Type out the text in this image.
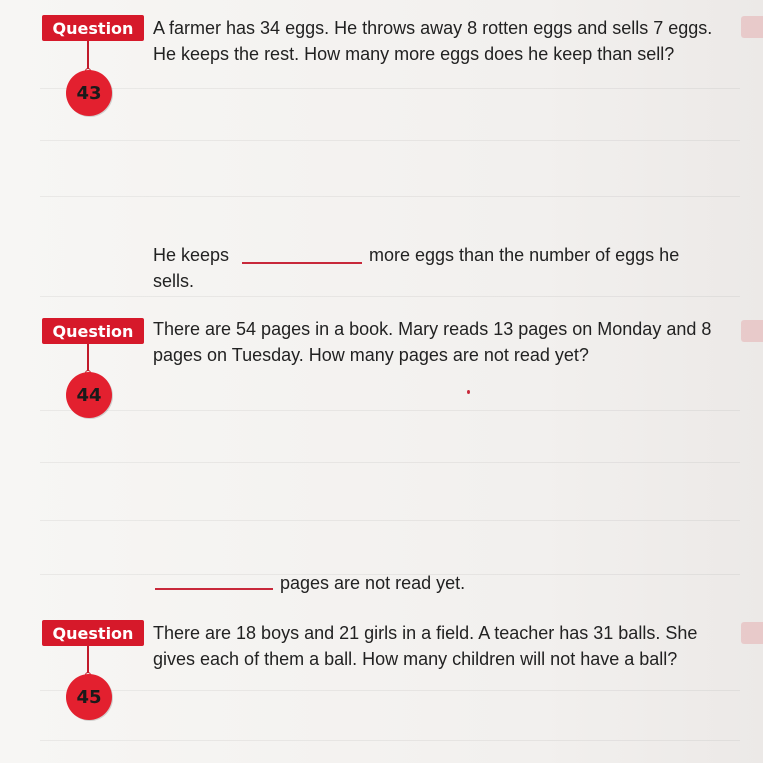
Question
43
A farmer has 34 eggs. He throws away 8 rotten eggs and sells 7 eggs. He keeps the rest. How many more eggs does he keep than sell?
He keeps	more eggs than the number of eggs he
sells.
Question
44
There are 54 pages in a book. Mary reads 13 pages on Monday and 8 pages on Tuesday. How many pages are not read yet?
pages are not read yet.
Question
45
There are 18 boys and 21 girls in a field. A teacher has 31 balls. She gives each of them a ball. How many children will not have a ball?
